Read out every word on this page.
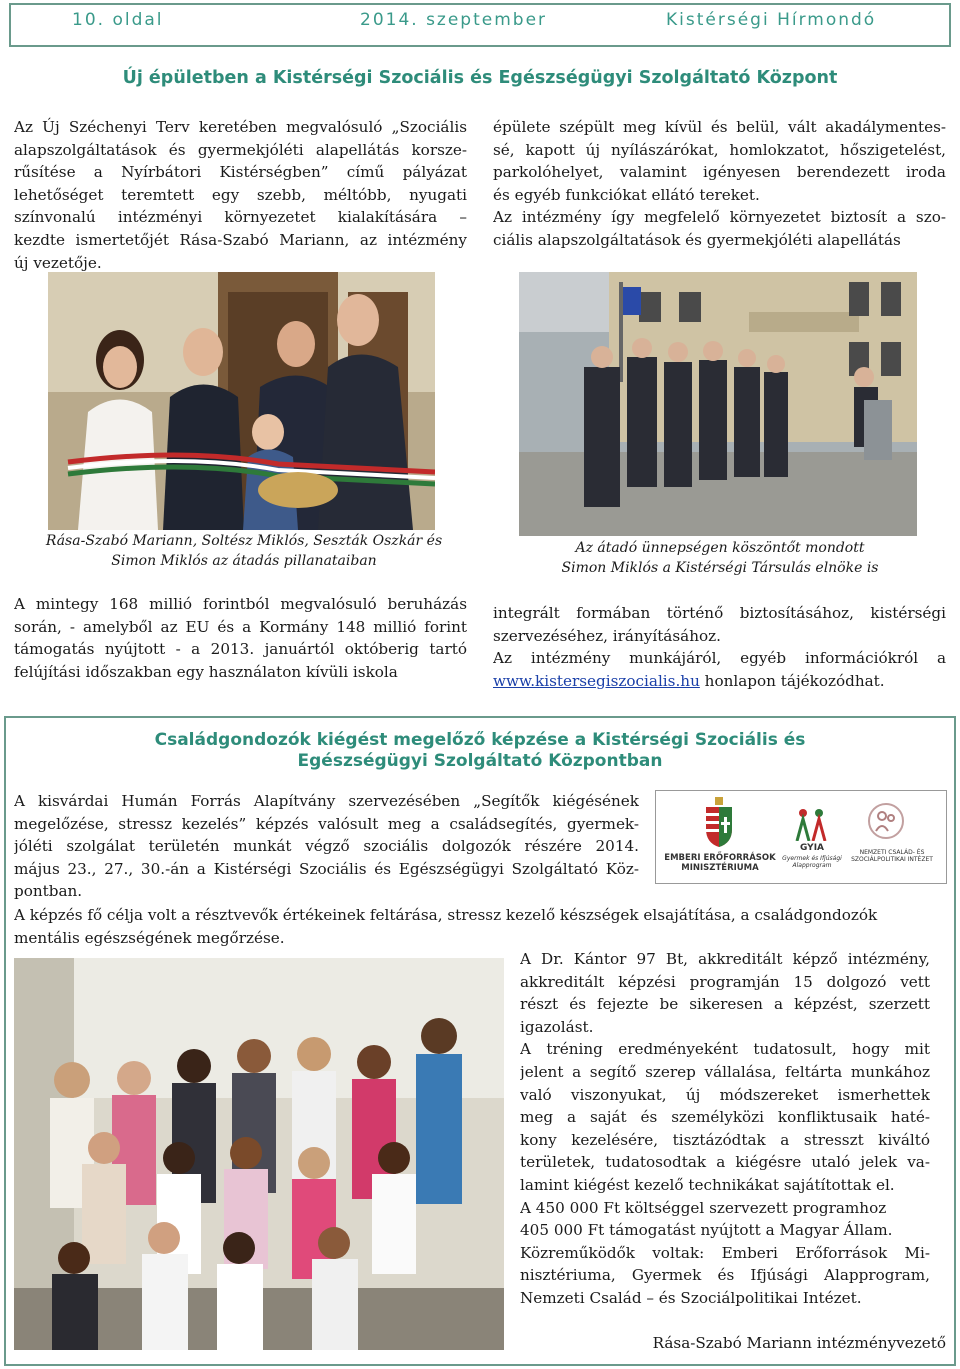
10. oldal	2014. szeptember	Kistérségi Hírmondó
Új épületben a Kistérségi Szociális és Egészségügyi Szolgáltató Központ
Az Új Széchenyi Terv keretében megvalósuló „Szociális
alapszolgáltatások és gyermekjóléti alapellátás korsze-
rűsítése a Nyírbátori Kistérségben” című pályázat
lehetőséget teremtett egy szebb, méltóbb, nyugati
színvonalú intézményi környezetet kialakítására –
kezdte ismertetőjét Rása-Szabó Mariann, az intézmény
új vezetője.
épülete szépült meg kívül és belül, vált akadálymentes-
sé, kapott új nyílászárókat, homlokzatot, hőszigetelést,
parkolóhelyet, valamint igényesen berendezett iroda
és egyéb funkciókat ellátó tereket.
Az intézmény így megfelelő környezetet biztosít a szo-
ciális alapszolgáltatások és gyermekjóléti alapellátás
Rása-Szabó Mariann, Soltész Miklós, Seszták Oszkár és
Simon Miklós az átadás pillanataiban
Az átadó ünnepségen köszöntőt mondott
Simon Miklós a Kistérségi Társulás elnöke is
A mintegy 168 millió forintból megvalósuló beruházás
során, - amelyből az EU és a Kormány 148 millió forint
támogatás nyújtott - a 2013. januártól októberig tartó
felújítási időszakban egy használaton kívüli iskola
integrált formában történő biztosításához, kistérségi
szervezéséhez, irányításához.
Az intézmény munkájáról, egyéb információkról a
www.kistersegiszocialis.hu honlapon tájékozódhat.
Családgondozók kiégést megelőző képzése a Kistérségi Szociális és
Egészségügyi Szolgáltató Központban
A kisvárdai Humán Forrás Alapítvány szervezésében „Segítők kiégésének
megelőzése, stressz kezelés” képzés valósult meg a családsegítés, gyermek-
jóléti szolgálat területén munkát végző szociális dolgozók részére 2014.
május 23., 27., 30.-án a Kistérségi Szociális és Egészségügyi Szolgáltató Köz-
pontban.
EMBERI ERŐFORRÁSOK
MINISZTÉRIUMA
GYIA
Gyermek és Ifjúsági
Alapprogram
NEMZETI CSALÁD- ÉS
SZOCIÁLPOLITIKAI INTÉZET
A képzés fő célja volt a résztvevők értékeinek feltárása, stressz kezelő készségek elsajátítása, a családgondozók
mentális egészségének megőrzése.
A Dr. Kántor 97 Bt, akkreditált képző intézmény,
akkreditált képzési programján 15 dolgozó vett
részt és fejezte be sikeresen a képzést, szerzett
igazolást.
A tréning eredményeként tudatosult, hogy mit
jelent a segítő szerep vállalása, feltárta munkához
való viszonyukat, új módszereket ismerhettek
meg a saját és személyközi konfliktusaik haté-
kony kezelésére, tisztázódtak a stresszt kiváltó
területek, tudatosodtak a kiégésre utaló jelek va-
lamint kiégést kezelő technikákat sajátítottak el.
A 450 000 Ft költséggel szervezett programhoz
405 000 Ft támogatást nyújtott a Magyar Állam.
Közreműködők voltak: Emberi Erőforrások Mi-
nisztériuma, Gyermek és Ifjúsági Alapprogram,
Nemzeti Család – és Szociálpolitikai Intézet.
Rása-Szabó Mariann intézményvezető
